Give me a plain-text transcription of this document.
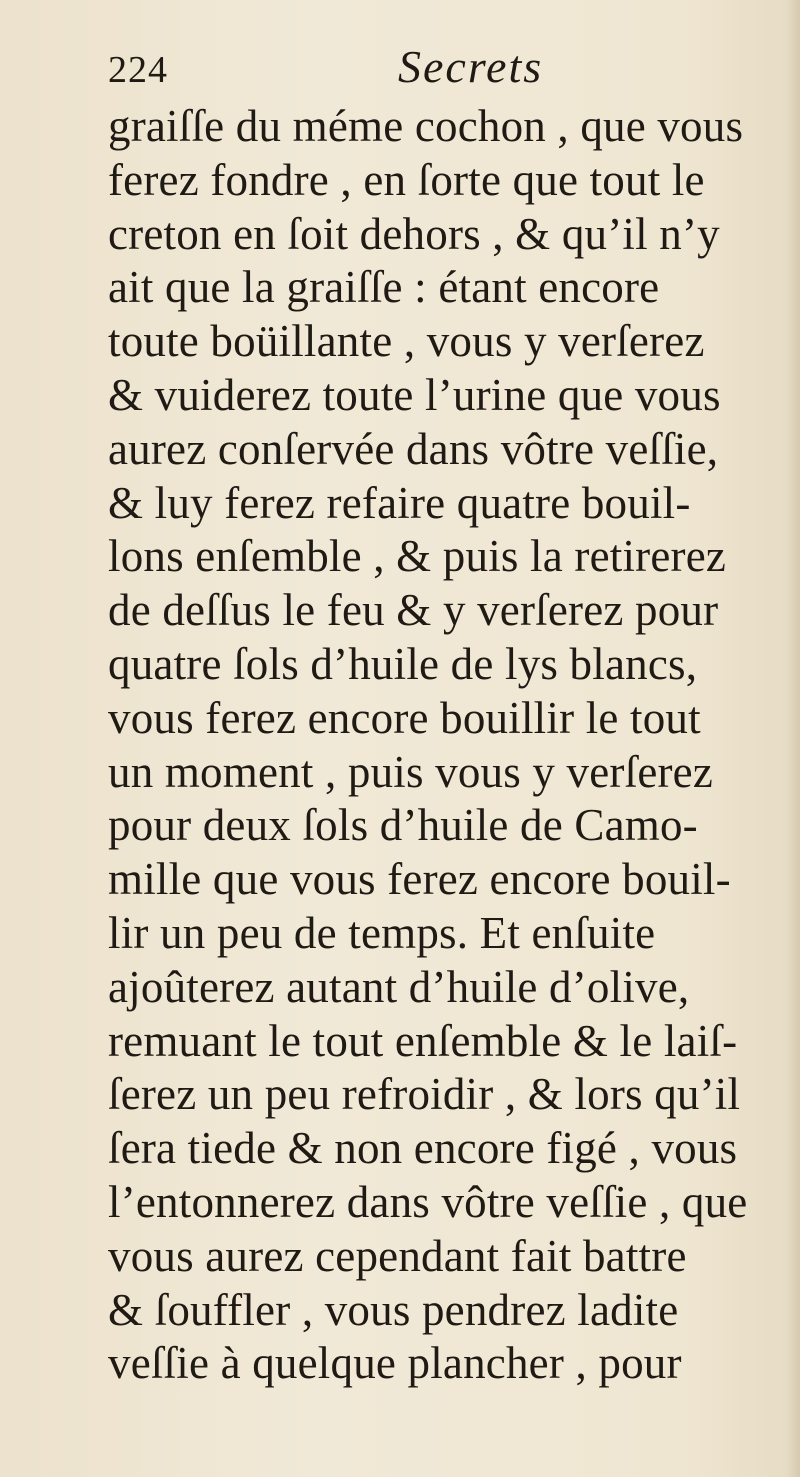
224	Secrets
graiſſe du méme cochon , que vous
ferez fondre , en ſorte que tout le
creton en ſoit dehors , & qu’il n’y
ait que la graiſſe : étant encore
toute boüillante , vous y verſerez
& vuiderez toute l’urine que vous
aurez conſervée dans vôtre veſſie,
& luy ferez refaire quatre bouil-
lons enſemble , & puis la retirerez
de deſſus le feu & y verſerez pour
quatre ſols d’huile de lys blancs,
vous ferez encore bouillir le tout
un moment , puis vous y verſerez
pour deux ſols d’huile de Camo-
mille que vous ferez encore bouil-
lir un peu de temps. Et enſuite
ajoûterez autant d’huile d’olive,
remuant le tout enſemble & le laiſ-
ſerez un peu refroidir , & lors qu’il
ſera tiede & non encore figé , vous
l’entonnerez dans vôtre veſſie , que
vous aurez cependant fait battre
& ſouffler , vous pendrez ladite
veſſie à quelque plancher , pour
